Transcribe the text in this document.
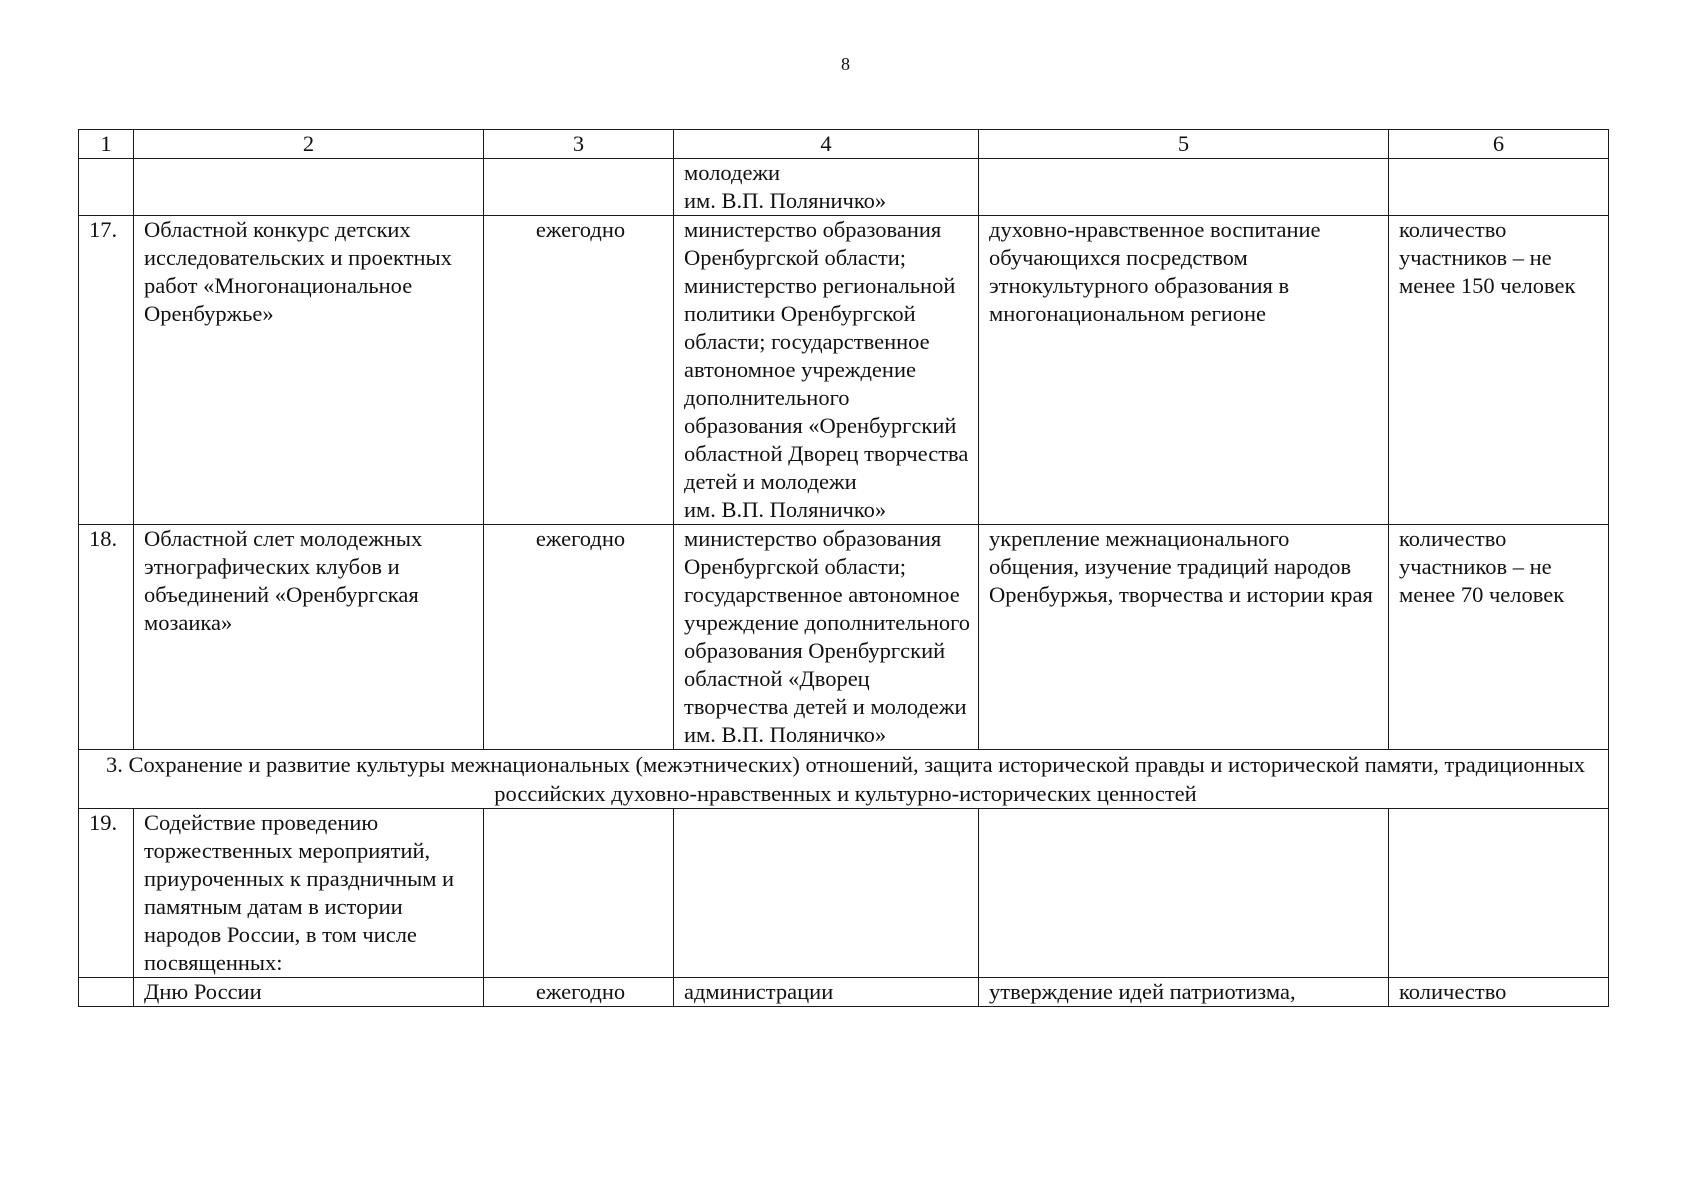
8
1	2	3	4	5	6

			молодежи
им. В.П. Поляничко»		

17.	Областной конкурс детских исследовательских и проектных работ «Многонациональное Оренбуржье»	ежегодно	министерство образования Оренбургской области; министерство региональной политики Оренбургской области; государственное автономное учреждение дополнительного образования «Оренбургский областной Дворец творчества детей и молодежи
им. В.П. Поляничко»	духовно-нравственное воспитание обучающихся посредством этнокультурного образования в многонациональном регионе	количество участников – не менее 150 человек
18.	Областной слет молодежных этнографических клубов и объединений «Оренбургская мозаика»	ежегодно	министерство образования Оренбургской области; государственное автономное учреждение дополнительного образования Оренбургский областной «Дворец творчества детей и молодежи
им. В.П. Поляничко»	укрепление межнационального общения, изучение традиций народов Оренбуржья, творчества и истории края	количество участников – не менее 70 человек
3. Сохранение и развитие культуры межнациональных (межэтнических) отношений, защита исторической правды и исторической памяти, традиционных российских духовно-нравственных и культурно-исторических ценностей					
19.	Содействие проведению торжественных мероприятий, приуроченных к праздничным и памятным датам в истории народов России, в том числе посвященных:				
	Дню России	ежегодно	администрации	утверждение идей патриотизма,	количество
